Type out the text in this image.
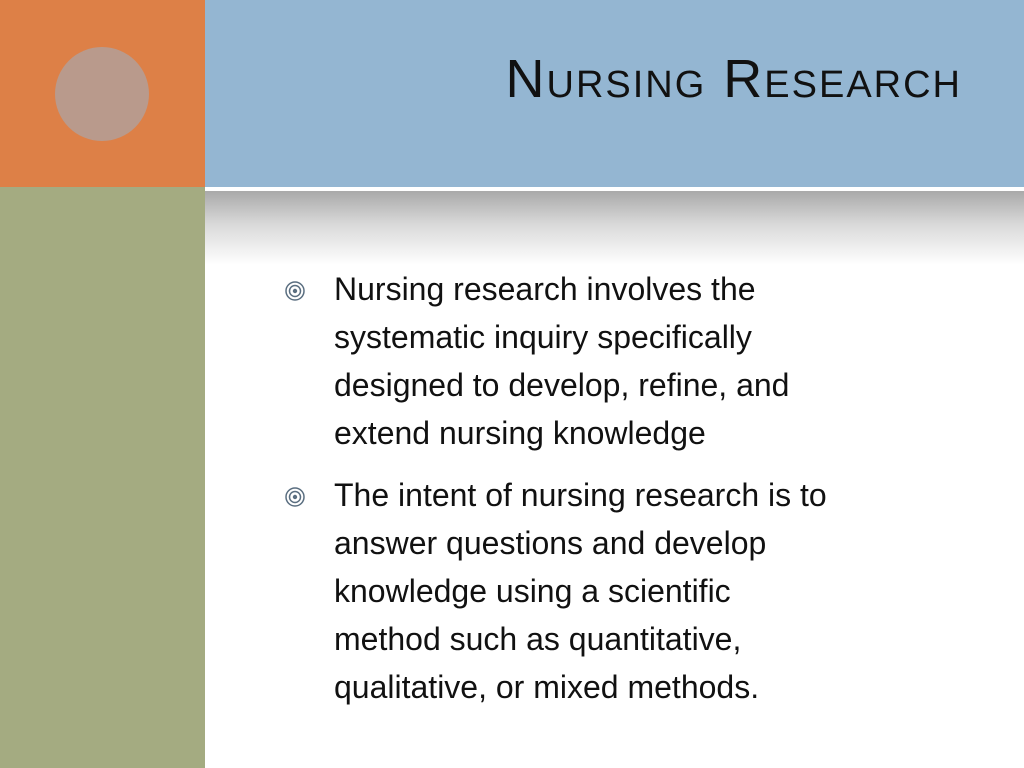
Nursing Research
Nursing research involves the
systematic inquiry specifically
designed to develop, refine, and
extend nursing knowledge
The intent of nursing research is to
answer questions and develop
knowledge using a scientific
method such as quantitative,
qualitative, or mixed methods.
